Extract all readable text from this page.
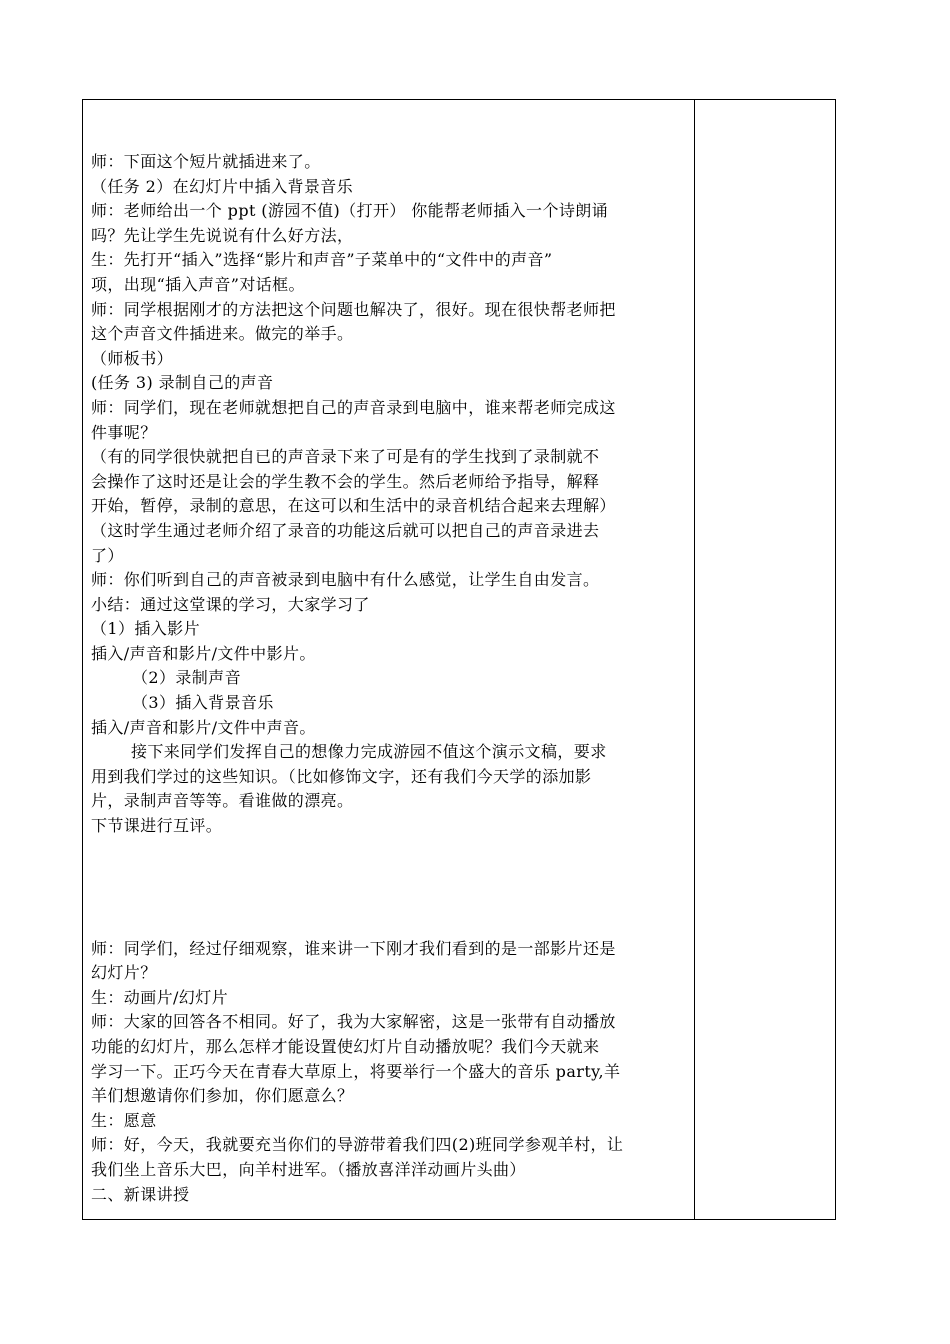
师：下面这个短片就插进来了。
（任务 2）在幻灯片中插入背景音乐
师：老师给出一个 ppt (游园不值)（打开） 你能帮老师插入一个诗朗诵
吗？先让学生先说说有什么好方法，
生：先打开“插入”选择“影片和声音”子菜单中的“文件中的声音”
项，出现“插入声音”对话框。
师：同学根据刚才的方法把这个问题也解决了，很好。现在很快帮老师把
这个声音文件插进来。做完的举手。
（师板书）
(任务 3) 录制自己的声音
师：同学们，现在老师就想把自己的声音录到电脑中，谁来帮老师完成这
件事呢？
（有的同学很快就把自已的声音录下来了可是有的学生找到了录制就不
会操作了这时还是让会的学生教不会的学生。然后老师给予指导，解释
开始，暂停，录制的意思，在这可以和生活中的录音机结合起来去理解）
（这时学生通过老师介绍了录音的功能这后就可以把自己的声音录进去
了）
师：你们听到自己的声音被录到电脑中有什么感觉，让学生自由发言。
小结：通过这堂课的学习，大家学习了
（1）插入影片
插入/声音和影片/文件中影片。
（2）录制声音
（3）插入背景音乐
插入/声音和影片/文件中声音。
接下来同学们发挥自己的想像力完成游园不值这个演示文稿，要求
用到我们学过的这些知识。（比如修饰文字，还有我们今天学的添加影
片，录制声音等等。看谁做的漂亮。
下节课进行互评。
师：同学们，经过仔细观察，谁来讲一下刚才我们看到的是一部影片还是
幻灯片？
生：动画片/幻灯片
师：大家的回答各不相同。好了，我为大家解密，这是一张带有自动播放
功能的幻灯片，那么怎样才能设置使幻灯片自动播放呢？我们今天就来
学习一下。正巧今天在青春大草原上，将要举行一个盛大的音乐 party,羊
羊们想邀请你们参加，你们愿意么？
生：愿意
师：好，今天，我就要充当你们的导游带着我们四(2)班同学参观羊村，让
我们坐上音乐大巴，向羊村进军。（播放喜洋洋动画片头曲）
二、新课讲授
